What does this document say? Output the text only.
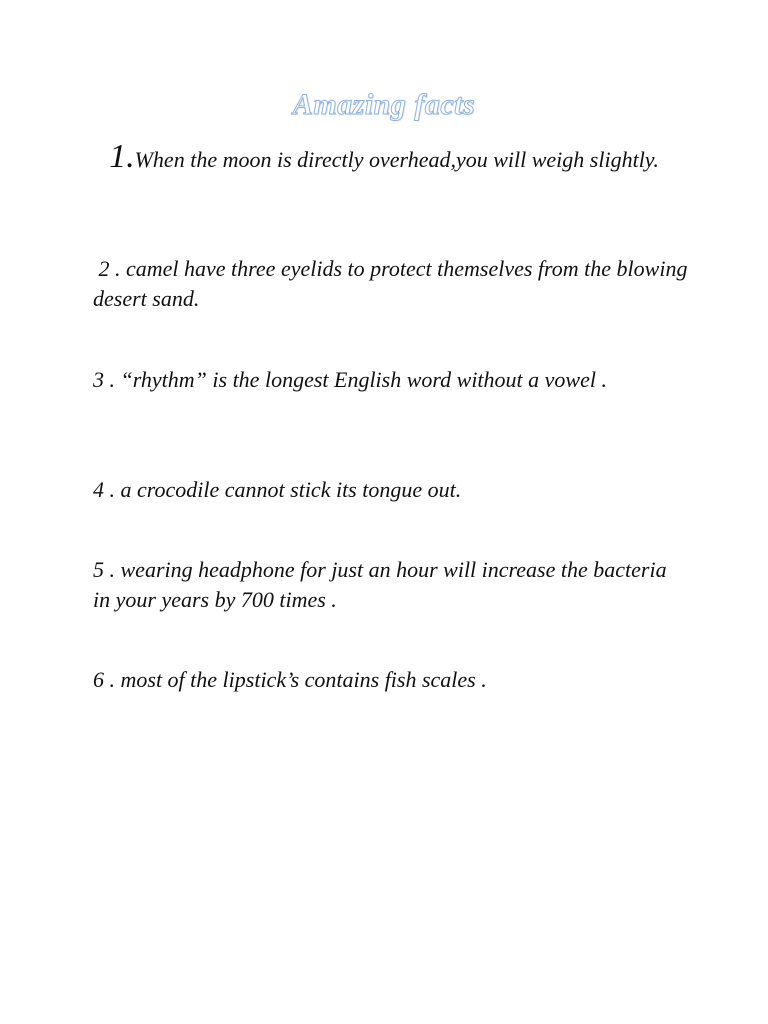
Amazing facts

1.When the moon is directly overhead,you will weigh slightly.

2 . camel have three eyelids to protect themselves from the blowing desert sand.

3 . “rhythm” is the longest English word without a vowel .

4 . a crocodile cannot stick its tongue out.

5 . wearing headphone for just an hour will increase the bacteria in your years by 700 times .

6 . most of the lipstick’s contains fish scales .
